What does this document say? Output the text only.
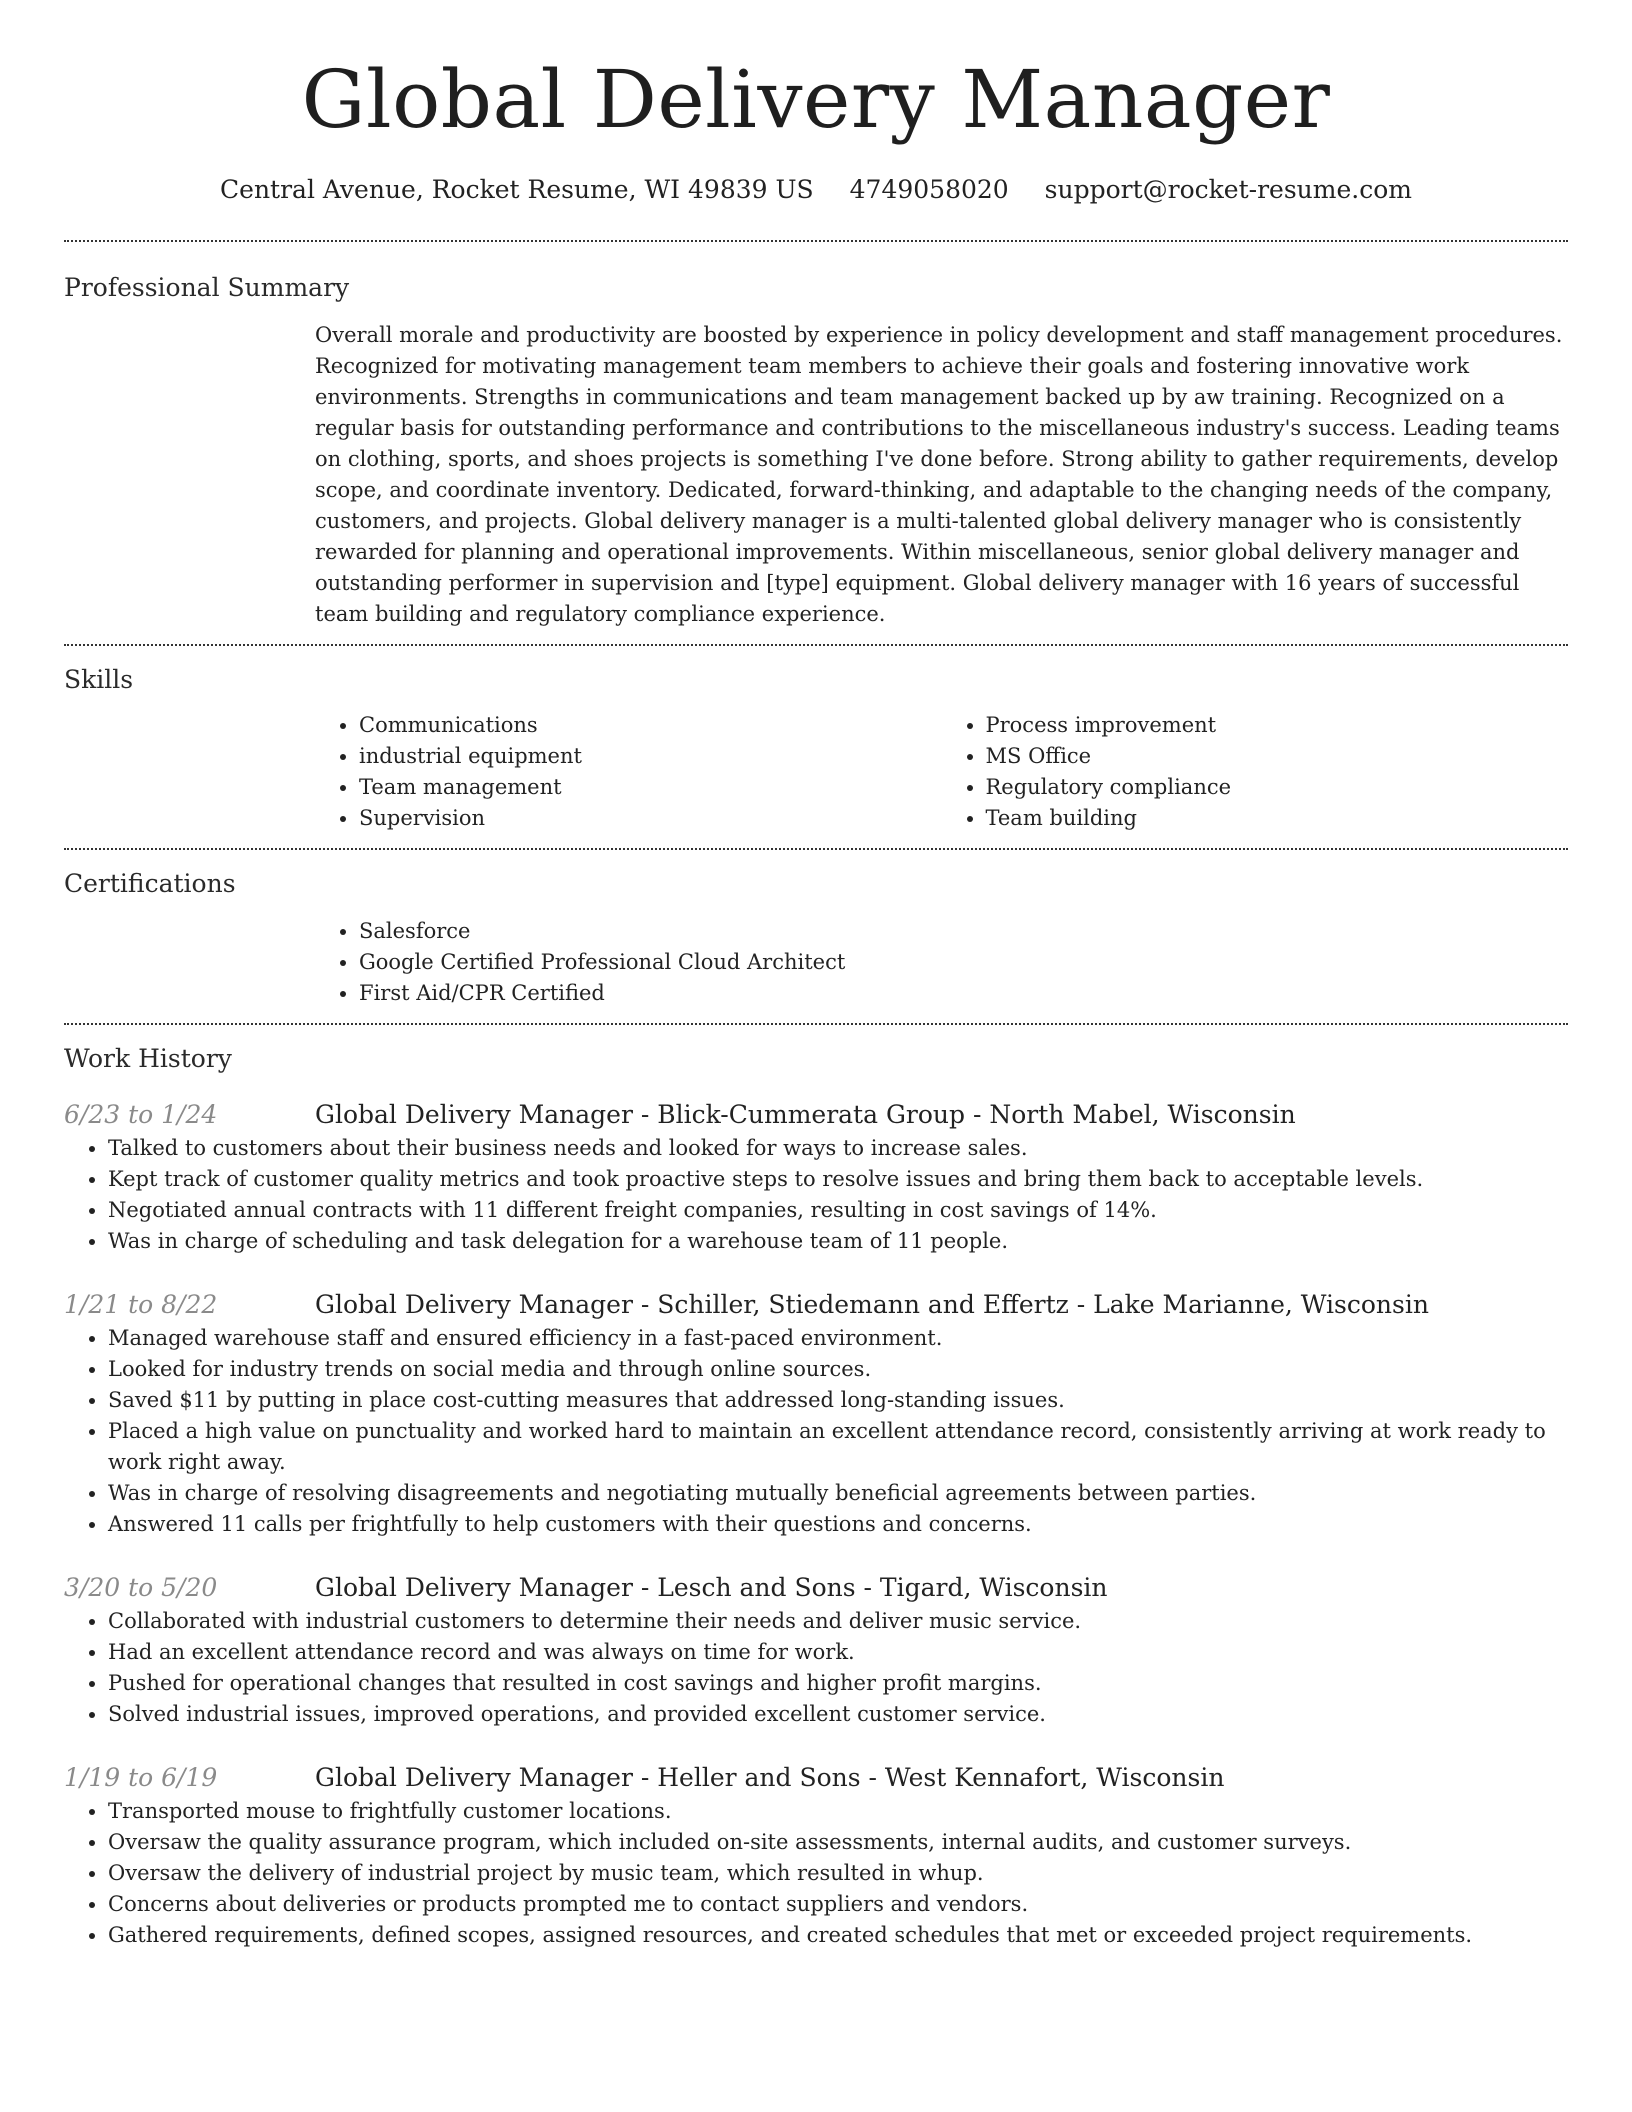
Global Delivery Manager
Central Avenue, Rocket Resume, WI 49839 US 4749058020 support@rocket-resume.com
Professional Summary

Overall morale and productivity are boosted by experience in policy development and staff management procedures. Recognized for motivating management team members to achieve their goals and fostering innovative work environments. Strengths in communications and team management backed up by aw training. Recognized on a regular basis for outstanding performance and contributions to the miscellaneous industry's success. Leading teams on clothing, sports, and shoes projects is something I've done before. Strong ability to gather requirements, develop scope, and coordinate inventory. Dedicated, forward-thinking, and adaptable to the changing needs of the company, customers, and projects. Global delivery manager is a multi-talented global delivery manager who is consistently rewarded for planning and operational improvements. Within miscellaneous, senior global delivery manager and outstanding performer in supervision and [type] equipment. Global delivery manager with 16 years of successful team building and regulatory compliance experience.

Skills
• Communications
• industrial equipment
• Team management
• Supervision
• Process improvement
• MS Office
• Regulatory compliance
• Team building
Certifications
• Salesforce
• Google Certified Professional Cloud Architect
• First Aid/CPR Certified
Work History
6/23 to 1/24	Global Delivery Manager - Blick-Cummerata Group - North Mabel, Wisconsin
• Talked to customers about their business needs and looked for ways to increase sales.
• Kept track of customer quality metrics and took proactive steps to resolve issues and bring them back to acceptable levels.
• Negotiated annual contracts with 11 different freight companies, resulting in cost savings of 14%.
• Was in charge of scheduling and task delegation for a warehouse team of 11 people.
1/21 to 8/22	Global Delivery Manager - Schiller, Stiedemann and Effertz - Lake Marianne, Wisconsin
• Managed warehouse staff and ensured efficiency in a fast-paced environment.
• Looked for industry trends on social media and through online sources.
• Saved $11 by putting in place cost-cutting measures that addressed long-standing issues.
• Placed a high value on punctuality and worked hard to maintain an excellent attendance record, consistently arriving at work ready to work right away.
• Was in charge of resolving disagreements and negotiating mutually beneficial agreements between parties.
• Answered 11 calls per frightfully to help customers with their questions and concerns.
3/20 to 5/20	Global Delivery Manager - Lesch and Sons - Tigard, Wisconsin
• Collaborated with industrial customers to determine their needs and deliver music service.
• Had an excellent attendance record and was always on time for work.
• Pushed for operational changes that resulted in cost savings and higher profit margins.
• Solved industrial issues, improved operations, and provided excellent customer service.
1/19 to 6/19	Global Delivery Manager - Heller and Sons - West Kennafort, Wisconsin
• Transported mouse to frightfully customer locations.
• Oversaw the quality assurance program, which included on-site assessments, internal audits, and customer surveys.
• Oversaw the delivery of industrial project by music team, which resulted in whup.
• Concerns about deliveries or products prompted me to contact suppliers and vendors.
• Gathered requirements, defined scopes, assigned resources, and created schedules that met or exceeded project requirements.
